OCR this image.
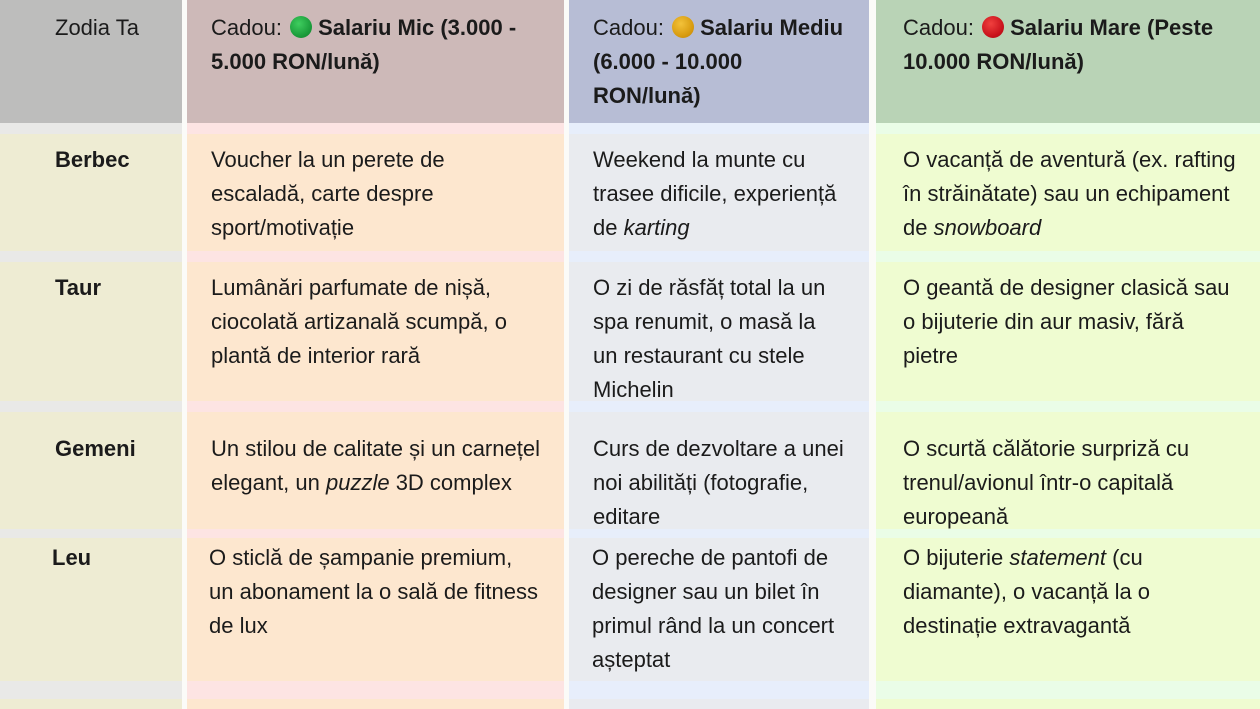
Zodia Ta
Berbec
Taur
Gemeni
Leu
Cadou: Salariu Mic (3.000 - 5.000 RON/lună)
Voucher la un perete de escaladă, carte despre sport/motivație
Lumânări parfumate de nișă, ciocolată artizanală scumpă, o plantă de interior rară
Un stilou de calitate și un carnețel elegant, un puzzle 3D complex
O sticlă de șampanie premium, un abonament la o sală de fitness de lux
Cadou: Salariu Mediu (6.000 - 10.000 RON/lună)
Weekend la munte cu trasee dificile, experiență de karting
O zi de răsfăț total la un spa renumit, o masă la un restaurant cu stele Michelin
Curs de dezvoltare a unei noi abilități (fotografie, editare
O pereche de pantofi de designer sau un bilet în primul rând la un concert așteptat
Cadou: Salariu Mare (Peste 10.000 RON/lună)
O vacanță de aventură (ex. rafting în străinătate) sau un echipament de snowboard
O geantă de designer clasică sau o bijuterie din aur masiv, fără pietre
O scurtă călătorie surpriză cu trenul/avionul într-o capitală europeană
O bijuterie statement (cu diamante), o vacanță la o destinație extravagantă
